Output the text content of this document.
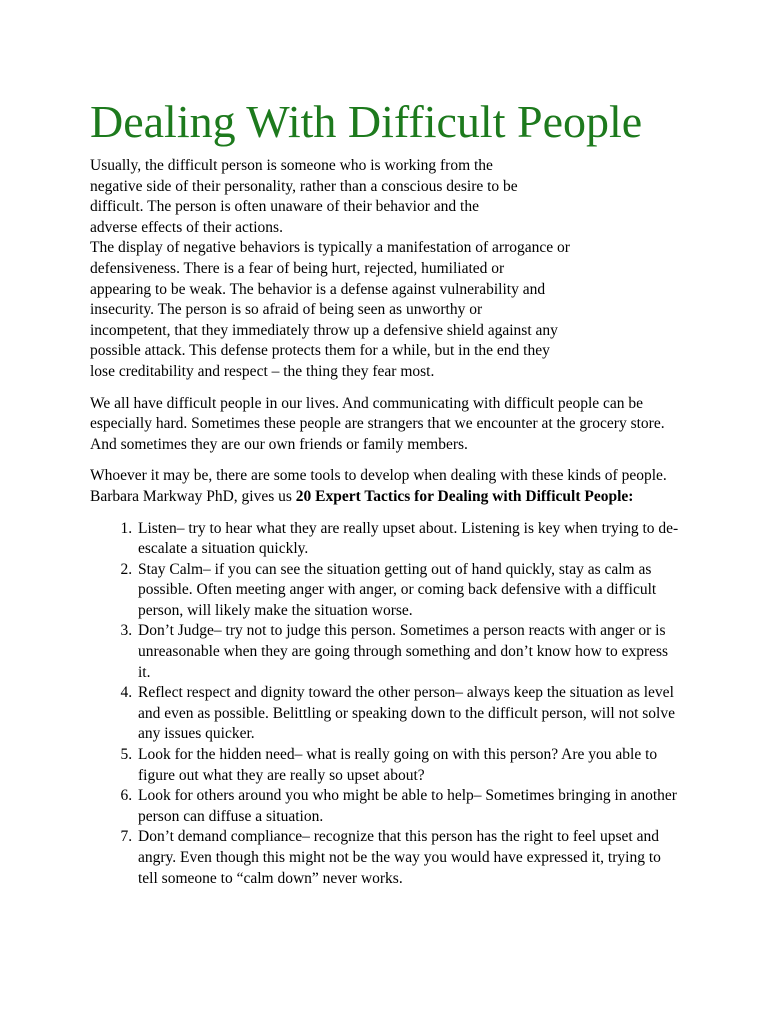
Dealing With Difficult People

Usually, the difficult person is someone who is working from the
negative side of their personality, rather than a conscious desire to be
difficult. The person is often unaware of their behavior and the
adverse effects of their actions.
The display of negative behaviors is typically a manifestation of arrogance or
defensiveness. There is a fear of being hurt, rejected, humiliated or
appearing to be weak. The behavior is a defense against vulnerability and
insecurity. The person is so afraid of being seen as unworthy or
incompetent, that they immediately throw up a defensive shield against any
possible attack. This defense protects them for a while, but in the end they
lose creditability and respect – the thing they fear most.

We all have difficult people in our lives. And communicating with difficult people can be especially hard. Sometimes these people are strangers that we encounter at the grocery store. And sometimes they are our own friends or family members.

Whoever it may be, there are some tools to develop when dealing with these kinds of people. Barbara Markway PhD, gives us 20 Expert Tactics for Dealing with Difficult People:

1. Listen– try to hear what they are really upset about. Listening is key when trying to de-escalate a situation quickly.
2. Stay Calm– if you can see the situation getting out of hand quickly, stay as calm as possible. Often meeting anger with anger, or coming back defensive with a difficult person, will likely make the situation worse.
3. Don’t Judge– try not to judge this person. Sometimes a person reacts with anger or is unreasonable when they are going through something and don’t know how to express it.
4. Reflect respect and dignity toward the other person– always keep the situation as level and even as possible. Belittling or speaking down to the difficult person, will not solve any issues quicker.
5. Look for the hidden need– what is really going on with this person? Are you able to figure out what they are really so upset about?
6. Look for others around you who might be able to help– Sometimes bringing in another person can diffuse a situation.
7. Don’t demand compliance– recognize that this person has the right to feel upset and angry. Even though this might not be the way you would have expressed it, trying to tell someone to “calm down” never works.
